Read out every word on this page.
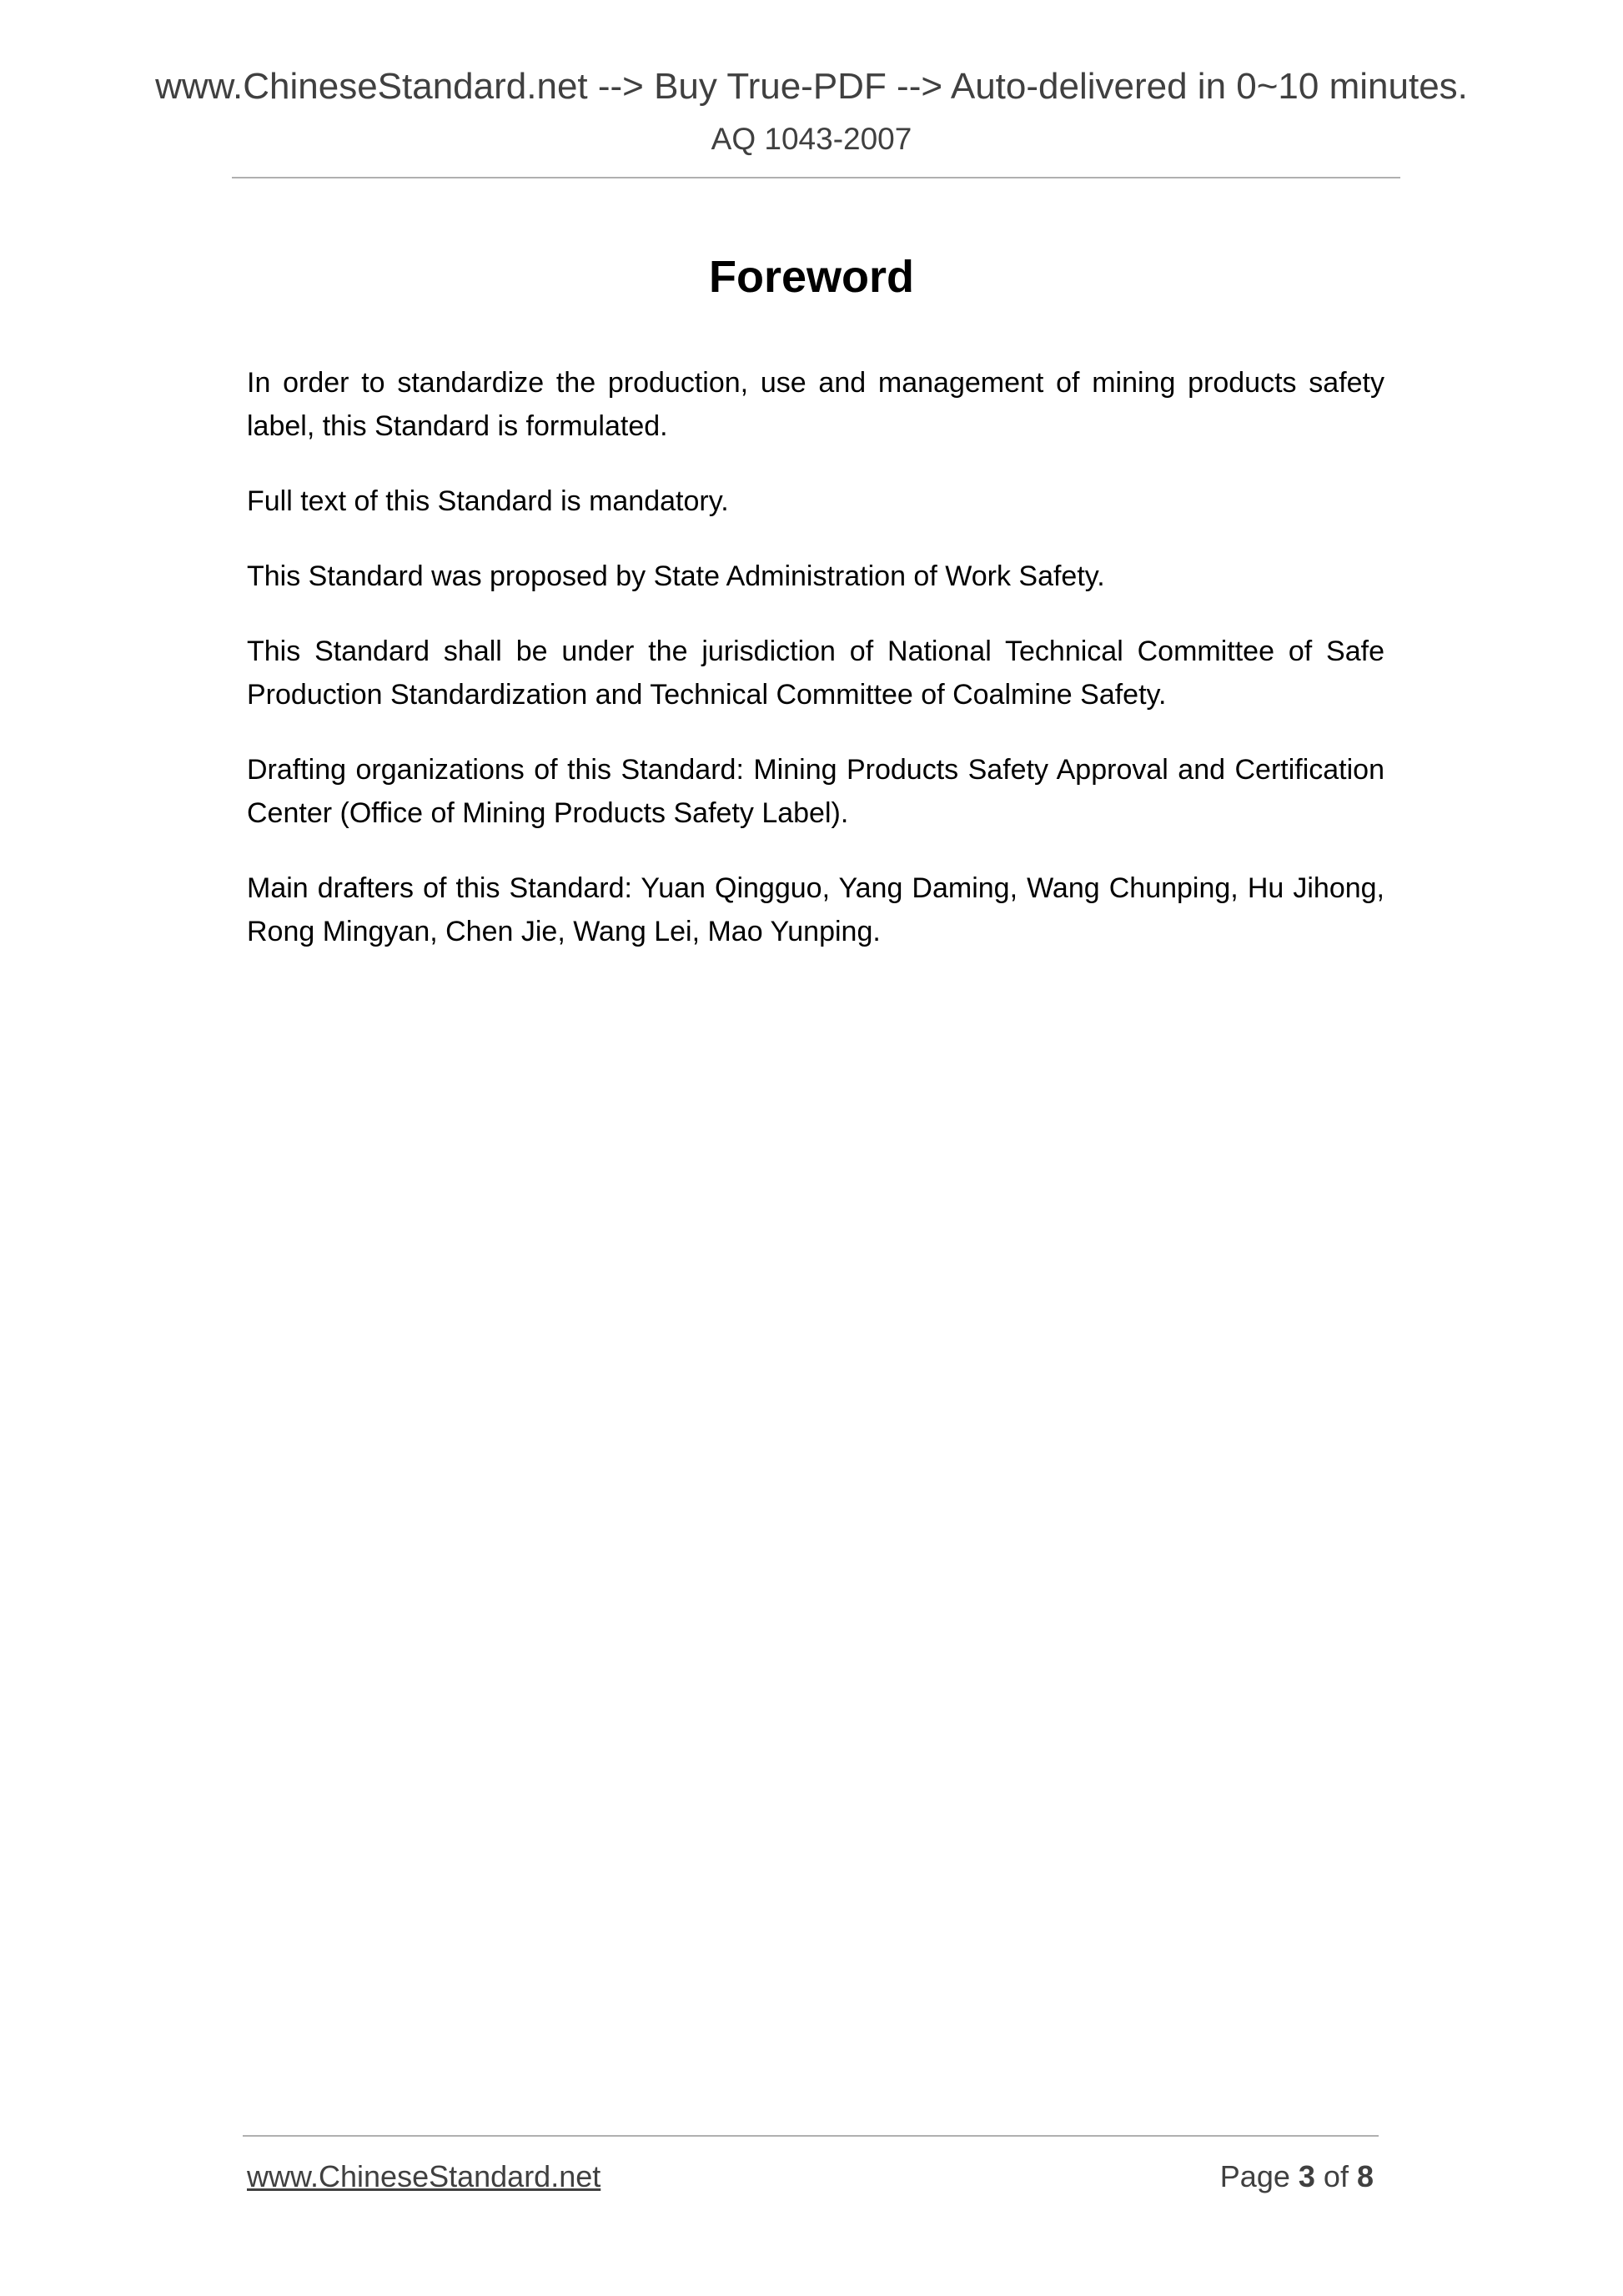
www.ChineseStandard.net --> Buy True-PDF --> Auto-delivered in 0~10 minutes.
AQ 1043-2007
Foreword

In order to standardize the production, use and management of mining products safety label, this Standard is formulated.

Full text of this Standard is mandatory.

This Standard was proposed by State Administration of Work Safety.

This Standard shall be under the jurisdiction of National Technical Committee of Safe Production Standardization and Technical Committee of Coalmine Safety.

Drafting organizations of this Standard: Mining Products Safety Approval and Certification Center (Office of Mining Products Safety Label).

Main drafters of this Standard: Yuan Qingguo, Yang Daming, Wang Chunping, Hu Jihong, Rong Mingyan, Chen Jie, Wang Lei, Mao Yunping.

www.ChineseStandard.net	Page 3 of 8
